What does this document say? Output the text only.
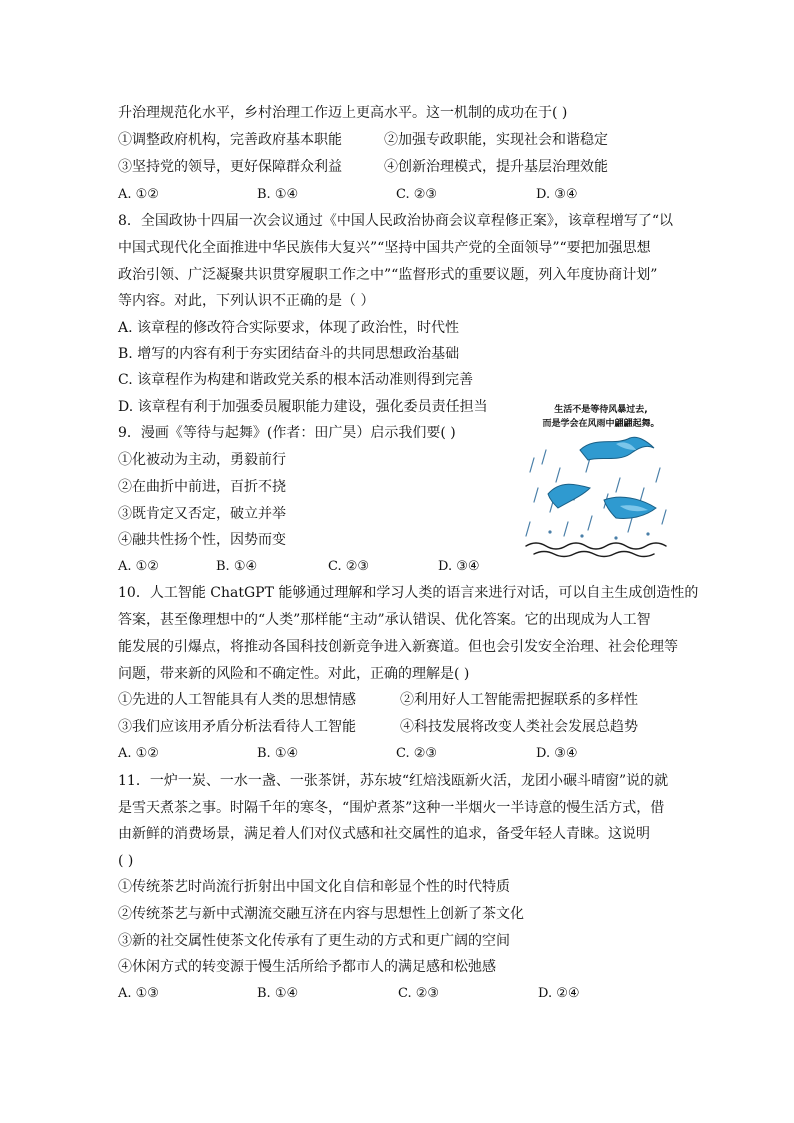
升治理规范化水平，乡村治理工作迈上更高水平。这一机制的成功在于( )
①调整政府机构，完善政府基本职能	②加强专政职能，实现社会和谐稳定
③坚持党的领导，更好保障群众利益	④创新治理模式，提升基层治理效能
A. ①②	B. ①④	C. ②③	D. ③④
8．全国政协十四届一次会议通过《中国人民政治协商会议章程修正案》，该章程增写了“以
中国式现代化全面推进中华民族伟大复兴”“坚持中国共产党的全面领导”“要把加强思想
政治引领、广泛凝聚共识贯穿履职工作之中”“监督形式的重要议题，列入年度协商计划”
等内容。对此，下列认识不正确的是（ ）
A. 该章程的修改符合实际要求，体现了政治性，时代性
B. 增写的内容有利于夯实团结奋斗的共同思想政治基础
C. 该章程作为构建和谐政党关系的根本活动准则得到完善
D. 该章程有利于加强委员履职能力建设，强化委员责任担当
9．漫画《等待与起舞》(作者：田广昊）启示我们要( )
①化被动为主动，勇毅前行
②在曲折中前进，百折不挠
③既肯定又否定，破立并举
④融共性扬个性，因势而变
A. ①②	B. ①④	C. ②③	D. ③④
生活不是等待风暴过去,
而是学会在风雨中翩翩起舞。
10．人工智能 ChatGPT 能够通过理解和学习人类的语言来进行对话，可以自主生成创造性的
答案，甚至像理想中的“人类”那样能“主动”承认错误、优化答案。它的出现成为人工智
能发展的引爆点，将推动各国科技创新竞争进入新赛道。但也会引发安全治理、社会伦理等
问题，带来新的风险和不确定性。对此，正确的理解是( )
①先进的人工智能具有人类的思想情感	②利用好人工智能需把握联系的多样性
③我们应该用矛盾分析法看待人工智能	④科技发展将改变人类社会发展总趋势
A. ①②	B. ①④	C. ②③	D. ③④
11．一炉一炭、一水一盏、一张茶饼，苏东坡“红焙浅瓯新火活，龙团小碾斗晴窗”说的就
是雪天煮茶之事。时隔千年的寒冬，“围炉煮茶”这种一半烟火一半诗意的慢生活方式，借
由新鲜的消费场景，满足着人们对仪式感和社交属性的追求，备受年轻人青睐。这说明
( )
①传统茶艺时尚流行折射出中国文化自信和彰显个性的时代特质
②传统茶艺与新中式潮流交融互济在内容与思想性上创新了茶文化
③新的社交属性使茶文化传承有了更生动的方式和更广阔的空间
④休闲方式的转变源于慢生活所给予都市人的满足感和松弛感
A. ①③	B. ①④	C. ②③	D. ②④
